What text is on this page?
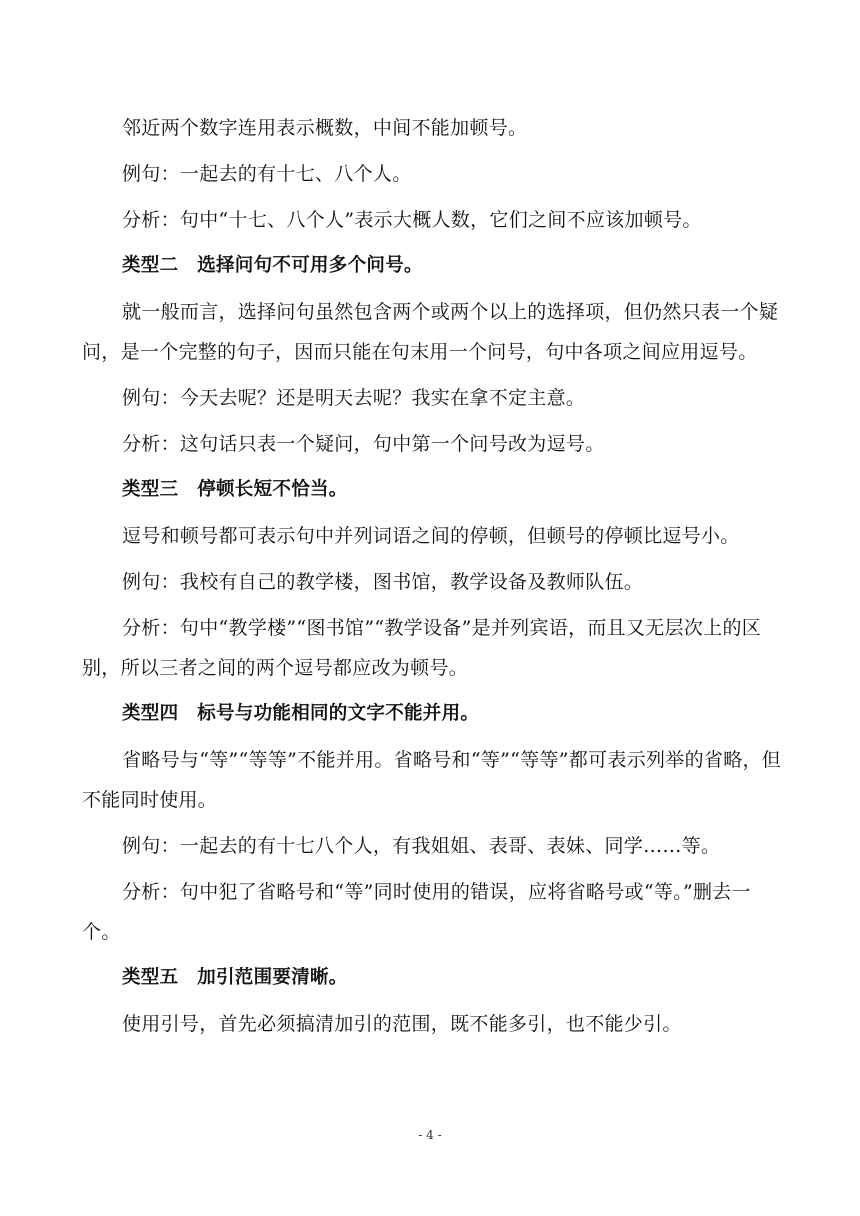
邻近两个数字连用表示概数，中间不能加顿号。

例句：一起去的有十七、八个人。

分析：句中“十七、八个人”表示大概人数，它们之间不应该加顿号。

类型二　选择问句不可用多个问号。

就一般而言，选择问句虽然包含两个或两个以上的选择项，但仍然只表一个疑问，是一个完整的句子，因而只能在句末用一个问号，句中各项之间应用逗号。

例句：今天去呢？还是明天去呢？我实在拿不定主意。

分析：这句话只表一个疑问，句中第一个问号改为逗号。

类型三　停顿长短不恰当。

逗号和顿号都可表示句中并列词语之间的停顿，但顿号的停顿比逗号小。

例句：我校有自己的教学楼，图书馆，教学设备及教师队伍。

分析：句中“教学楼”“图书馆”“教学设备”是并列宾语，而且又无层次上的区别，所以三者之间的两个逗号都应改为顿号。

类型四　标号与功能相同的文字不能并用。

省略号与“等”“等等”不能并用。省略号和“等”“等等”都可表示列举的省略，但不能同时使用。

例句：一起去的有十七八个人，有我姐姐、表哥、表妹、同学……等。

分析：句中犯了省略号和“等”同时使用的错误，应将省略号或“等。”删去一个。

类型五　加引范围要清晰。

使用引号，首先必须搞清加引的范围，既不能多引，也不能少引。

- 4 -
